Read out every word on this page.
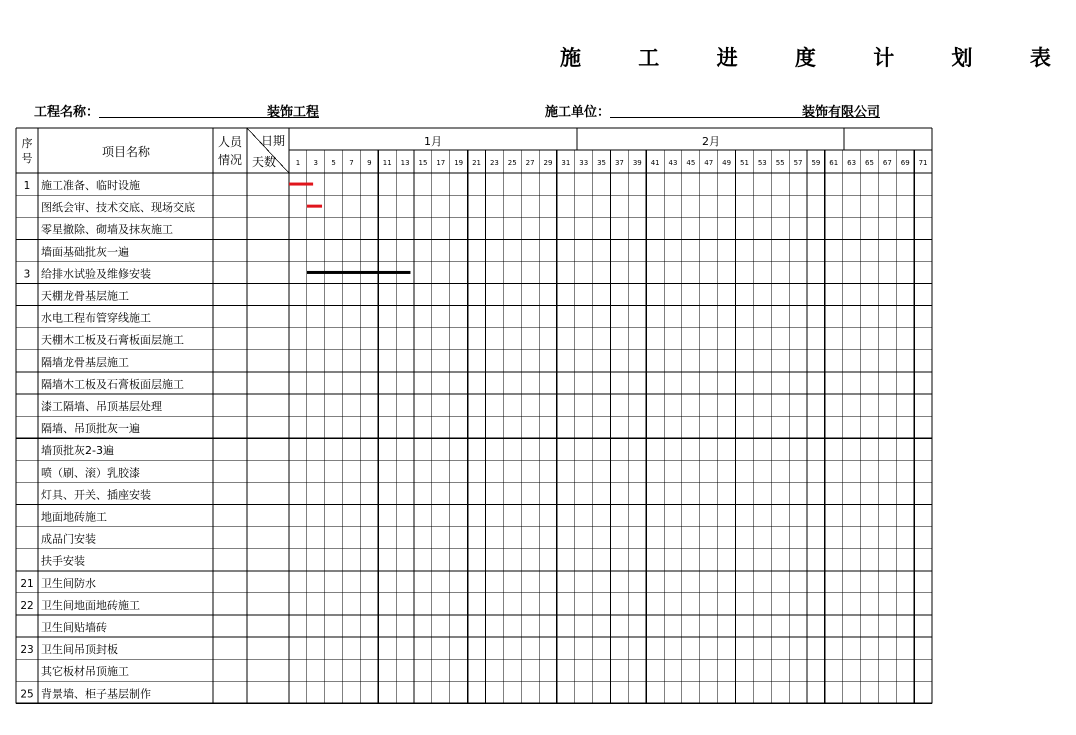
施 工 进 度 计 划 表
工程名称：	装饰工程	施工单位：	装饰有限公司
序
号	项目名称
人员
情况
日期
天数
1月	2月
1 3 5 7 9 11 13 15 17 19 21 23 25 27 29 31 33 35 37 39 41 43 45 47 49 51 53 55 57 59 61 63 65 67 69 71
1 施工准备、临时设施
图纸会审、技术交底、现场交底
零星撤除、砌墙及抹灰施工
墙面基础批灰一遍
3 给排水试验及维修安装
天棚龙骨基层施工
水电工程布管穿线施工
天棚木工板及石膏板面层施工
隔墙龙骨基层施工
隔墙木工板及石膏板面层施工
漆工隔墙、吊顶基层处理
隔墙、吊顶批灰一遍
墙顶批灰2-3遍
喷（刷、滚）乳胶漆
灯具、开关、插座安装
地面地砖施工
成品门安装
扶手安装
21 卫生间防水
22 卫生间地面地砖施工
卫生间贴墙砖
23 卫生间吊顶封板
其它板材吊顶施工
25 背景墙、柜子基层制作
